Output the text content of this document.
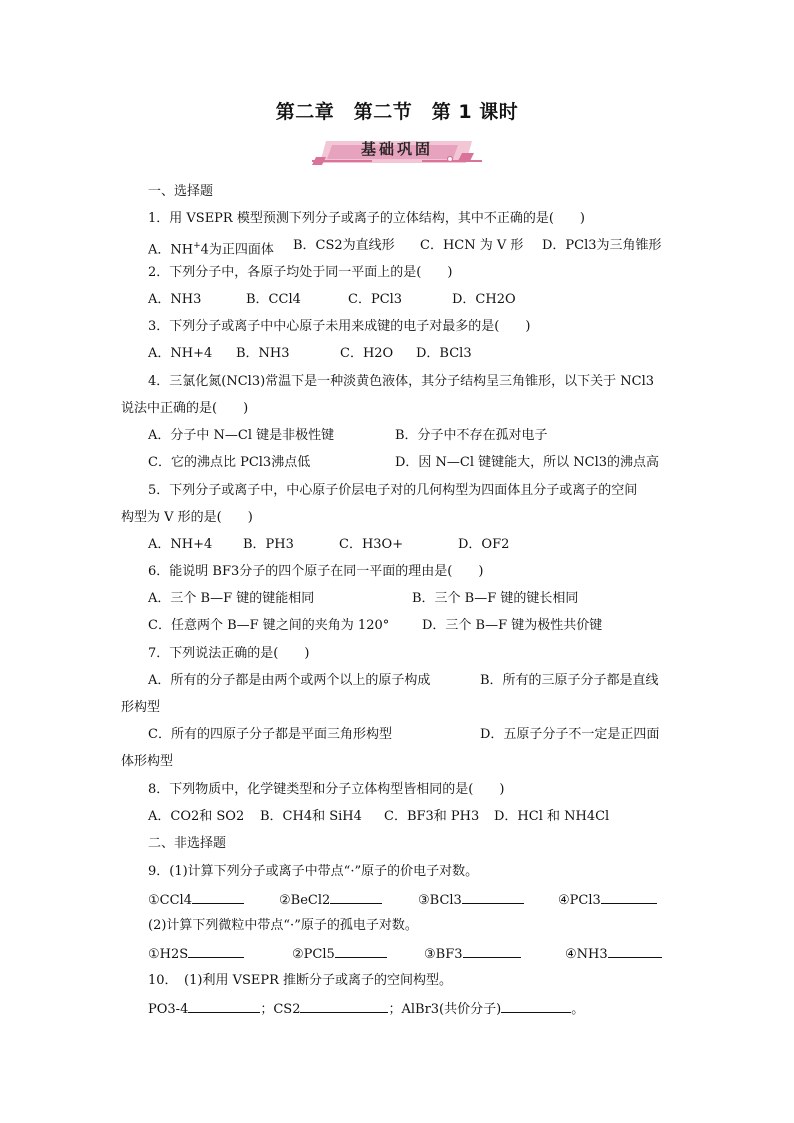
第二章　第二节　第 1 课时
基础巩固
一、选择题
1．用 VSEPR 模型预测下列分子或离子的立体结构，其中不正确的是(　　)
A．NH+4为正四面体 B．CS2为直线形 C．HCN 为 V 形 D．PCl3为三角锥形
2．下列分子中，各原子均处于同一平面上的是(　　)
A．NH3	B．CCl4	C．PCl3	D．CH2O
3．下列分子或离子中中心原子未用来成键的电子对最多的是(　　)
A．NH+4 B．NH3	C．H2O D．BCl3
4．三氯化氮(NCl3)常温下是一种淡黄色液体，其分子结构呈三角锥形，以下关于 NCl3
说法中正确的是(　　)
A．分子中 N—Cl 键是非极性键	B．分子中不存在孤对电子
C．它的沸点比 PCl3沸点低	D．因 N—Cl 键键能大，所以 NCl3的沸点高
5．下列分子或离子中，中心原子价层电子对的几何构型为四面体且分子或离子的空间
构型为 V 形的是(　　)
A．NH+4 B．PH3	C．H3O+	D．OF2
6．能说明 BF3分子的四个原子在同一平面的理由是(　　)
A．三个 B—F 键的键能相同	B．三个 B—F 键的键长相同
C．任意两个 B—F 键之间的夹角为 120°	D．三个 B—F 键为极性共价键
7．下列说法正确的是(　　)
A．所有的分子都是由两个或两个以上的原子构成	B．所有的三原子分子都是直线
形构型
C．所有的四原子分子都是平面三角形构型	D．五原子分子不一定是正四面
体形构型
8．下列物质中，化学键类型和分子立体构型皆相同的是(　　)
A．CO2和 SO2 B．CH4和 SiH4 C．BF3和 PH3 D．HCl 和 NH4Cl
二、非选择题
9．(1)计算下列分子或离子中带点“·”原子的价电子对数。
①CCl4	②BeCl2	③BCl3	④PCl3
(2)计算下列微粒中带点“·”原子的孤电子对数。
①H2S	②PCl5	③BF3	④NH3
10．　(1)利用 VSEPR 推断分子或离子的空间构型。
PO3-4	；CS2	；AlBr3(共价分子)	。
